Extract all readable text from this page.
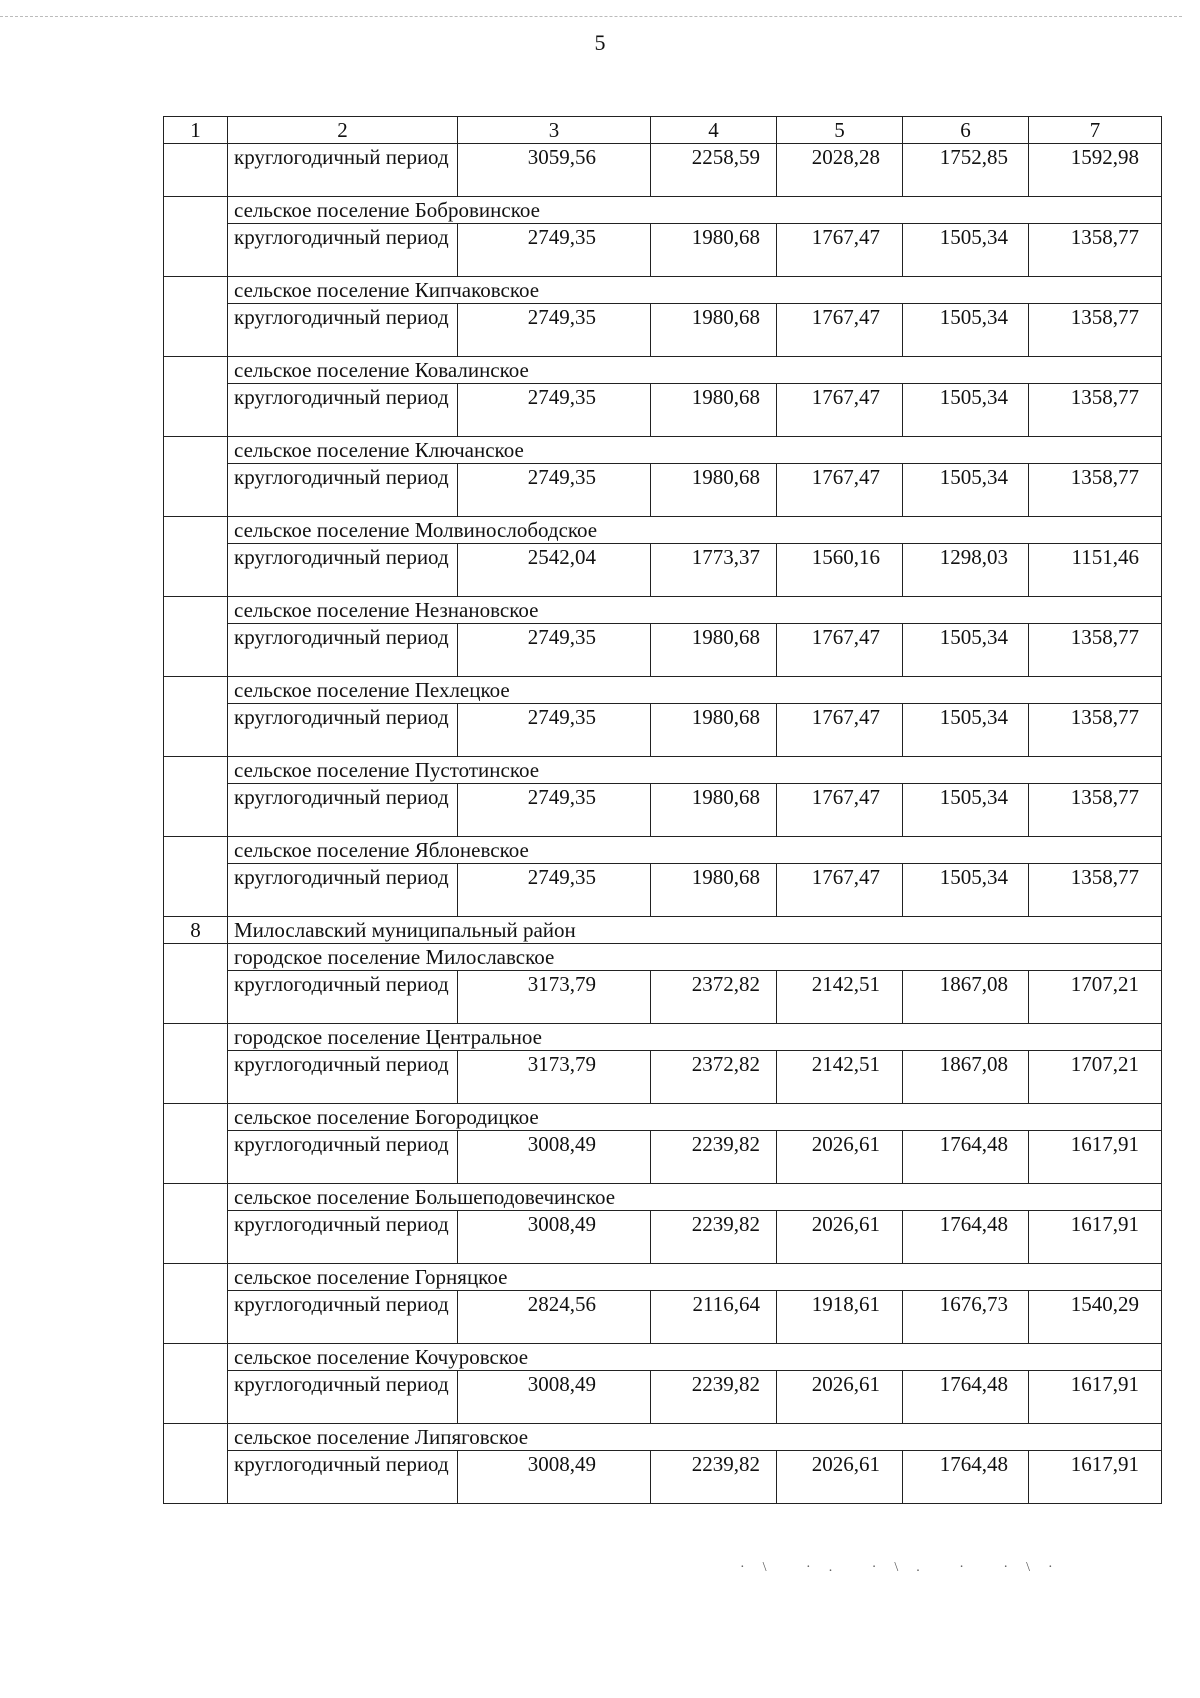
5
1	2	3	4	5	6	7
	круглогодичный период	3059,56	2258,59	2028,28	1752,85	1592,98
	сельское поселение Бобровинское					
	круглогодичный период	2749,35	1980,68	1767,47	1505,34	1358,77
	сельское поселение Кипчаковское					
	круглогодичный период	2749,35	1980,68	1767,47	1505,34	1358,77
	сельское поселение Ковалинское					
	круглогодичный период	2749,35	1980,68	1767,47	1505,34	1358,77
	сельское поселение Ключанское					
	круглогодичный период	2749,35	1980,68	1767,47	1505,34	1358,77
	сельское поселение Молвинослободское					
	круглогодичный период	2542,04	1773,37	1560,16	1298,03	1151,46
	сельское поселение Незнановское					
	круглогодичный период	2749,35	1980,68	1767,47	1505,34	1358,77
	сельское поселение Пехлецкое					
	круглогодичный период	2749,35	1980,68	1767,47	1505,34	1358,77
	сельское поселение Пустотинское					
	круглогодичный период	2749,35	1980,68	1767,47	1505,34	1358,77
	сельское поселение Яблоневское					
	круглогодичный период	2749,35	1980,68	1767,47	1505,34	1358,77
8	Милославский муниципальный район					
	городское поселение Милославское					
	круглогодичный период	3173,79	2372,82	2142,51	1867,08	1707,21
	городское поселение Центральное					
	круглогодичный период	3173,79	2372,82	2142,51	1867,08	1707,21
	сельское поселение Богородицкое					
	круглогодичный период	3008,49	2239,82	2026,61	1764,48	1617,91
	сельское поселение Большеподовечинское					
	круглогодичный период	3008,49	2239,82	2026,61	1764,48	1617,91
	сельское поселение Горняцкое					
	круглогодичный период	2824,56	2116,64	1918,61	1676,73	1540,29
	сельское поселение Кочуровское					
	круглогодичный период	3008,49	2239,82	2026,61	1764,48	1617,91
	сельское поселение Липяговское					
	круглогодичный период	3008,49	2239,82	2026,61	1764,48	1617,91
·\ ·. ·\. · ·\·
